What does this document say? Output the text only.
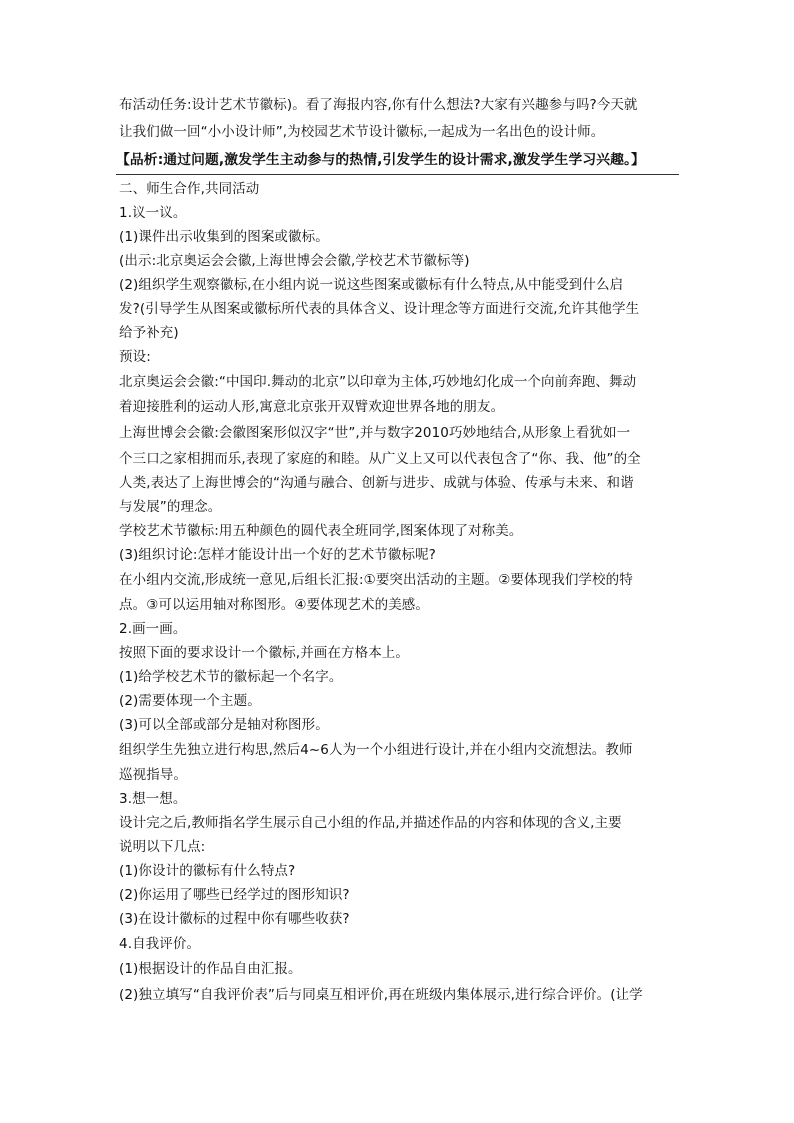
布活动任务:设计艺术节徽标)。看了海报内容,你有什么想法?大家有兴趣参与吗?今天就
让我们做一回“小小设计师”,为校园艺术节设计徽标,一起成为一名出色的设计师。
【品析:通过问题,激发学生主动参与的热情,引发学生的设计需求,激发学生学习兴趣。】
二、师生合作,共同活动
1.议一议。
(1)课件出示收集到的图案或徽标。
(出示:北京奥运会会徽,上海世博会会徽,学校艺术节徽标等)
(2)组织学生观察徽标,在小组内说一说这些图案或徽标有什么特点,从中能受到什么启
发?(引导学生从图案或徽标所代表的具体含义、设计理念等方面进行交流,允许其他学生
给予补充)
预设:
北京奥运会会徽:“中国印.舞动的北京”以印章为主体,巧妙地幻化成一个向前奔跑、舞动
着迎接胜利的运动人形,寓意北京张开双臂欢迎世界各地的朋友。
上海世博会会徽:会徽图案形似汉字“世”,并与数字2010巧妙地结合,从形象上看犹如一
个三口之家相拥而乐,表现了家庭的和睦。从广义上又可以代表包含了“你、我、他”的全
人类,表达了上海世博会的“沟通与融合、创新与进步、成就与体验、传承与未来、和谐
与发展”的理念。
学校艺术节徽标:用五种颜色的圆代表全班同学,图案体现了对称美。
(3)组织讨论:怎样才能设计出一个好的艺术节徽标呢?
在小组内交流,形成统一意见,后组长汇报:①要突出活动的主题。②要体现我们学校的特
点。③可以运用轴对称图形。④要体现艺术的美感。
2.画一画。
按照下面的要求设计一个徽标,并画在方格本上。
(1)给学校艺术节的徽标起一个名字。
(2)需要体现一个主题。
(3)可以全部或部分是轴对称图形。
组织学生先独立进行构思,然后4~6人为一个小组进行设计,并在小组内交流想法。教师
巡视指导。
3.想一想。
设计完之后,教师指名学生展示自己小组的作品,并描述作品的内容和体现的含义,主要
说明以下几点:
(1)你设计的徽标有什么特点?
(2)你运用了哪些已经学过的图形知识?
(3)在设计徽标的过程中你有哪些收获?
4.自我评价。
(1)根据设计的作品自由汇报。
(2)独立填写“自我评价表”后与同桌互相评价,再在班级内集体展示,进行综合评价。(让学
